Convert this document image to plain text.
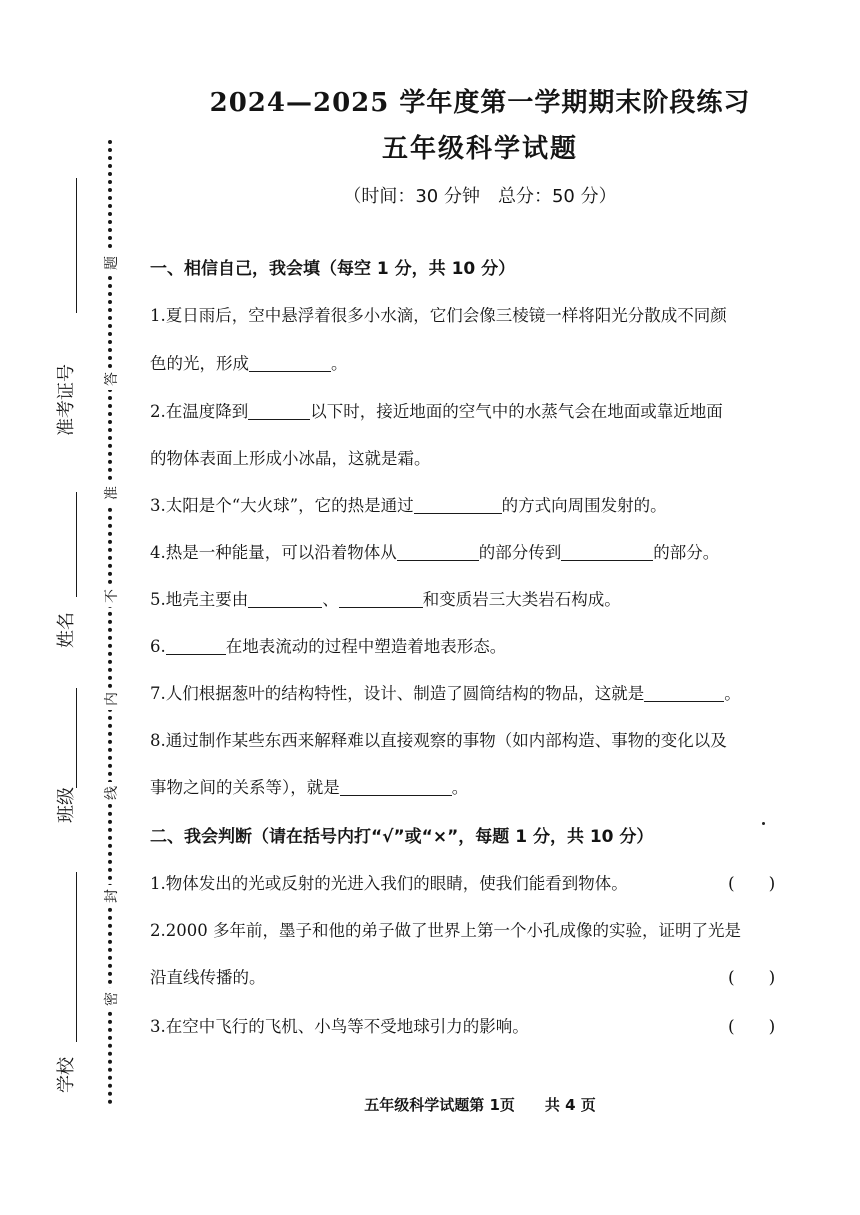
准考证号
姓名
班级
学校
题
答
准
不
内
线
封
密
2024—2025 学年度第一学期期末阶段练习
五年级科学试题
（时间：30 分钟　总分：50 分）
一、相信自己，我会填（每空 1 分，共 10 分）
1.夏日雨后，空中悬浮着很多小水滴，它们会像三棱镜一样将阳光分散成不同颜
色的光，形成	。
2.在温度降到	以下时，接近地面的空气中的水蒸气会在地面或靠近地面
的物体表面上形成小冰晶，这就是霜。
3.太阳是个“大火球”，它的热是通过	的方式向周围发射的。
4.热是一种能量，可以沿着物体从	的部分传到	的部分。
5.地壳主要由	、	和变质岩三大类岩石构成。
6.	在地表流动的过程中塑造着地表形态。
7.人们根据葱叶的结构特性，设计、制造了圆筒结构的物品，这就是	。
8.通过制作某些东西来解释难以直接观察的事物（如内部构造、事物的变化以及
事物之间的关系等），就是	。
二、我会判断（请在括号内打“√”或“×”，每题 1 分，共 10 分）
1.物体发出的光或反射的光进入我们的眼睛，使我们能看到物体。	(　　)
2.2000 多年前，墨子和他的弟子做了世界上第一个小孔成像的实验，证明了光是
沿直线传播的。	(　　)
3.在空中飞行的飞机、小鸟等不受地球引力的影响。	(　　)
五年级科学试题第 1页　　共 4 页
